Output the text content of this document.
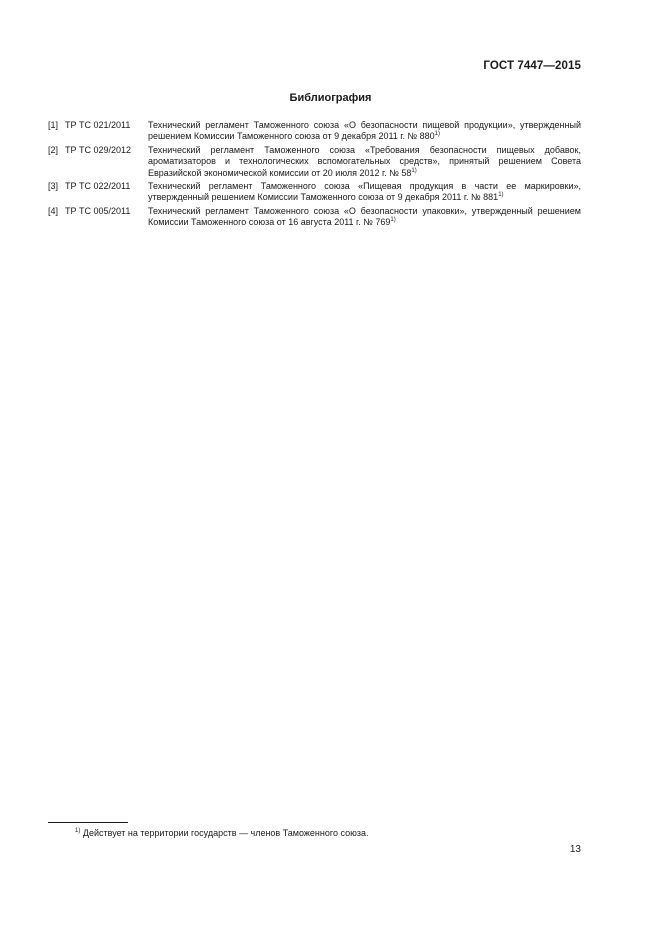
ГОСТ 7447—2015
Библиография
[1] ТР ТС 021/2011	Технический регламент Таможенного союза «О безопасности пищевой продукции», утвержденный решением Комиссии Таможенного союза от 9 декабря 2011 г. № 880$^{1)}$
[2] ТР ТС 029/2012	Технический регламент Таможенного союза «Требования безопасности пищевых добавок, ароматизаторов и технологических вспомогательных средств», принятый решением Совета Евразийской экономической комиссии от 20 июля 2012 г. № 58$^{1)}$
[3] ТР ТС 022/2011	Технический регламент Таможенного союза «Пищевая продукция в части ее маркировки», утвержденный решением Комиссии Таможенного союза от 9 декабря 2011 г. № 881$^{1)}$
[4] ТР ТС 005/2011	Технический регламент Таможенного союза «О безопасности упаковки», утвержденный решением Комиссии Таможенного союза от 16 августа 2011 г. № 769$^{1)}$
$^{1)}$ Действует на территории государств — членов Таможенного союза.
13
